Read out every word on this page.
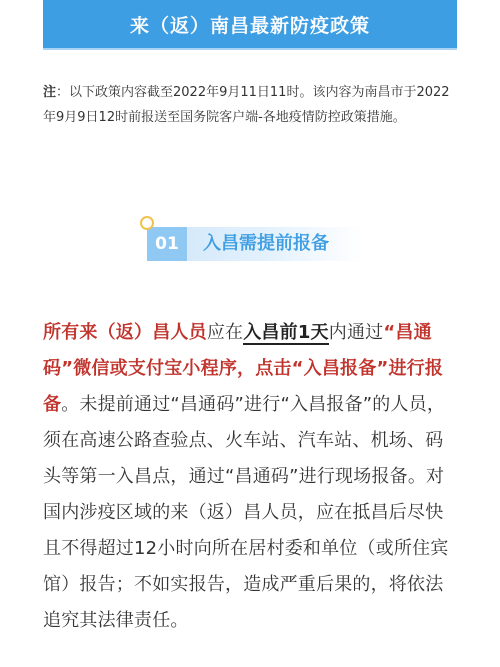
来（返）南昌最新防疫政策
注：以下政策内容截至2022年9月11日11时。该内容为南昌市于2022年9月9日12时前报送至国务院客户端-各地疫情防控政策措施。
01 入昌需提前报备
所有来（返）昌人员应在入昌前1天内通过“昌通码”微信或支付宝小程序，点击“入昌报备”进行报备。未提前通过“昌通码”进行“入昌报备”的人员，须在高速公路查验点、火车站、汽车站、机场、码头等第一入昌点，通过“昌通码”进行现场报备。对国内涉疫区域的来（返）昌人员，应在抵昌后尽快且不得超过12小时向所在居村委和单位（或所住宾馆）报告；不如实报告，造成严重后果的，将依法追究其法律责任。
